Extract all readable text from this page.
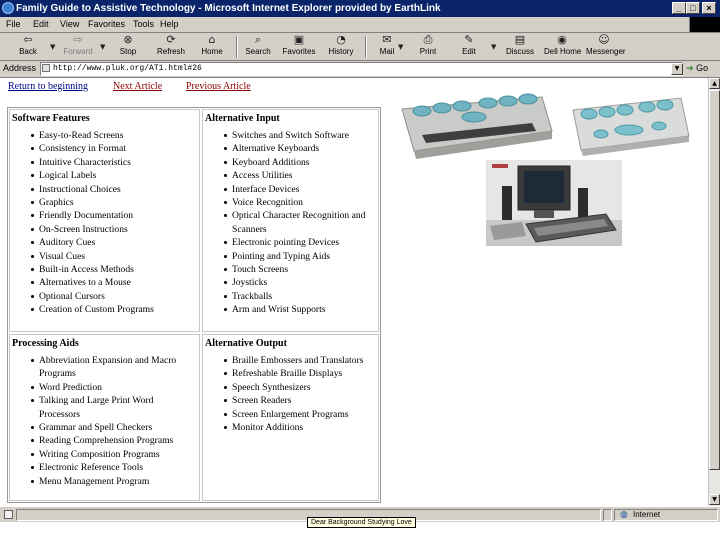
Family Guide to Assistive Technology - Microsoft Internet Explorer provided by EarthLink	_ □	×
File Edit View Favorites Tools Help
⇦
Back	▼
⇨
Forward	▼
⊗
Stop
⟳
Refresh
⌂
Home
⌕
Search
▣
Favorites
◔
History
✉
Mail ▼
⎙
Print
✎
Edit	▼
▤
Discuss
◉
Dell Home
☺
Messenger
Address	http://www.pluk.org/AT1.html#26	▼ ➔ Go
Return to beginning	Next Article Previous Article
Software Features
Easy-to-Read Screens
Consistency in Format
Intuitive Characteristics
Logical Labels
Instructional Choices
Graphics
Friendly Documentation
On-Screen Instructions
Auditory Cues
Visual Cues
Built-in Access Methods
Alternatives to a Mouse
Optional Cursors
Creation of Custom Programs
Alternative Input
Switches and Switch Software
Alternative Keyboards
Keyboard Additions
Access Utilities
Interface Devices
Voice Recognition
Optical Character Recognition and Scanners
Electronic pointing Devices
Pointing and Typing Aids
Touch Screens
Joysticks
Trackballs
Arm and Wrist Supports
Processing Aids
Abbreviation Expansion and Macro Programs
Word Prediction
Talking and Large Print Word Processors
Grammar and Spell Checkers
Reading Comprehension Programs
Writing Composition Programs
Electronic Reference Tools
Menu Management Program
Alternative Output
Braille Embossers and Translators
Refreshable Braille Displays
Speech Synthesizers
Screen Readers
Screen Enlargement Programs
Monitor Additions
▲
▼
◍ Internet
Dear Background Studying Love
